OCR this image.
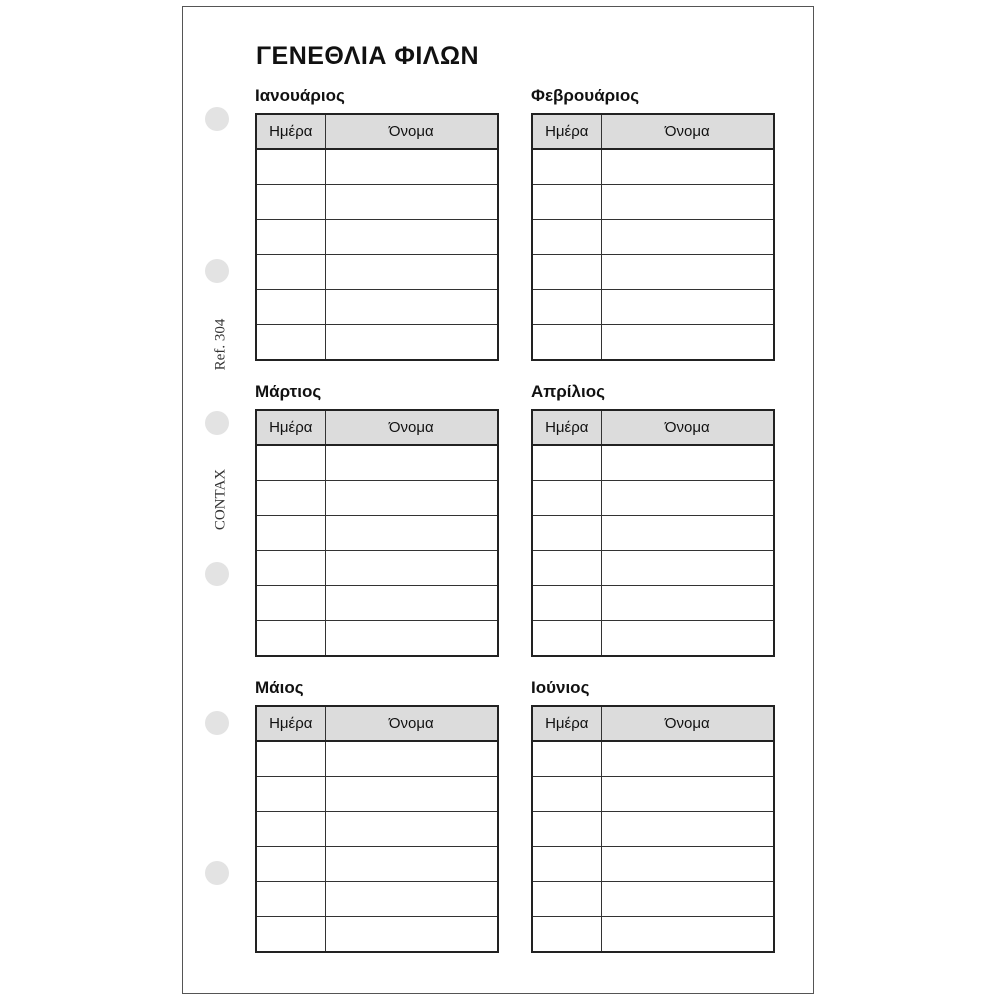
Ref. 304
CONTAX
ΓΕΝΕΘΛΙΑ ΦΙΛΩΝ
Ιανουάριος
Ημέρα	Όνομα

Φεβρουάριος
Ημέρα	Όνομα

Μάρτιος
Ημέρα	Όνομα

Απρίλιος
Ημέρα	Όνομα

Μάιος
Ημέρα	Όνομα

Ιούνιος
Ημέρα	Όνομα
